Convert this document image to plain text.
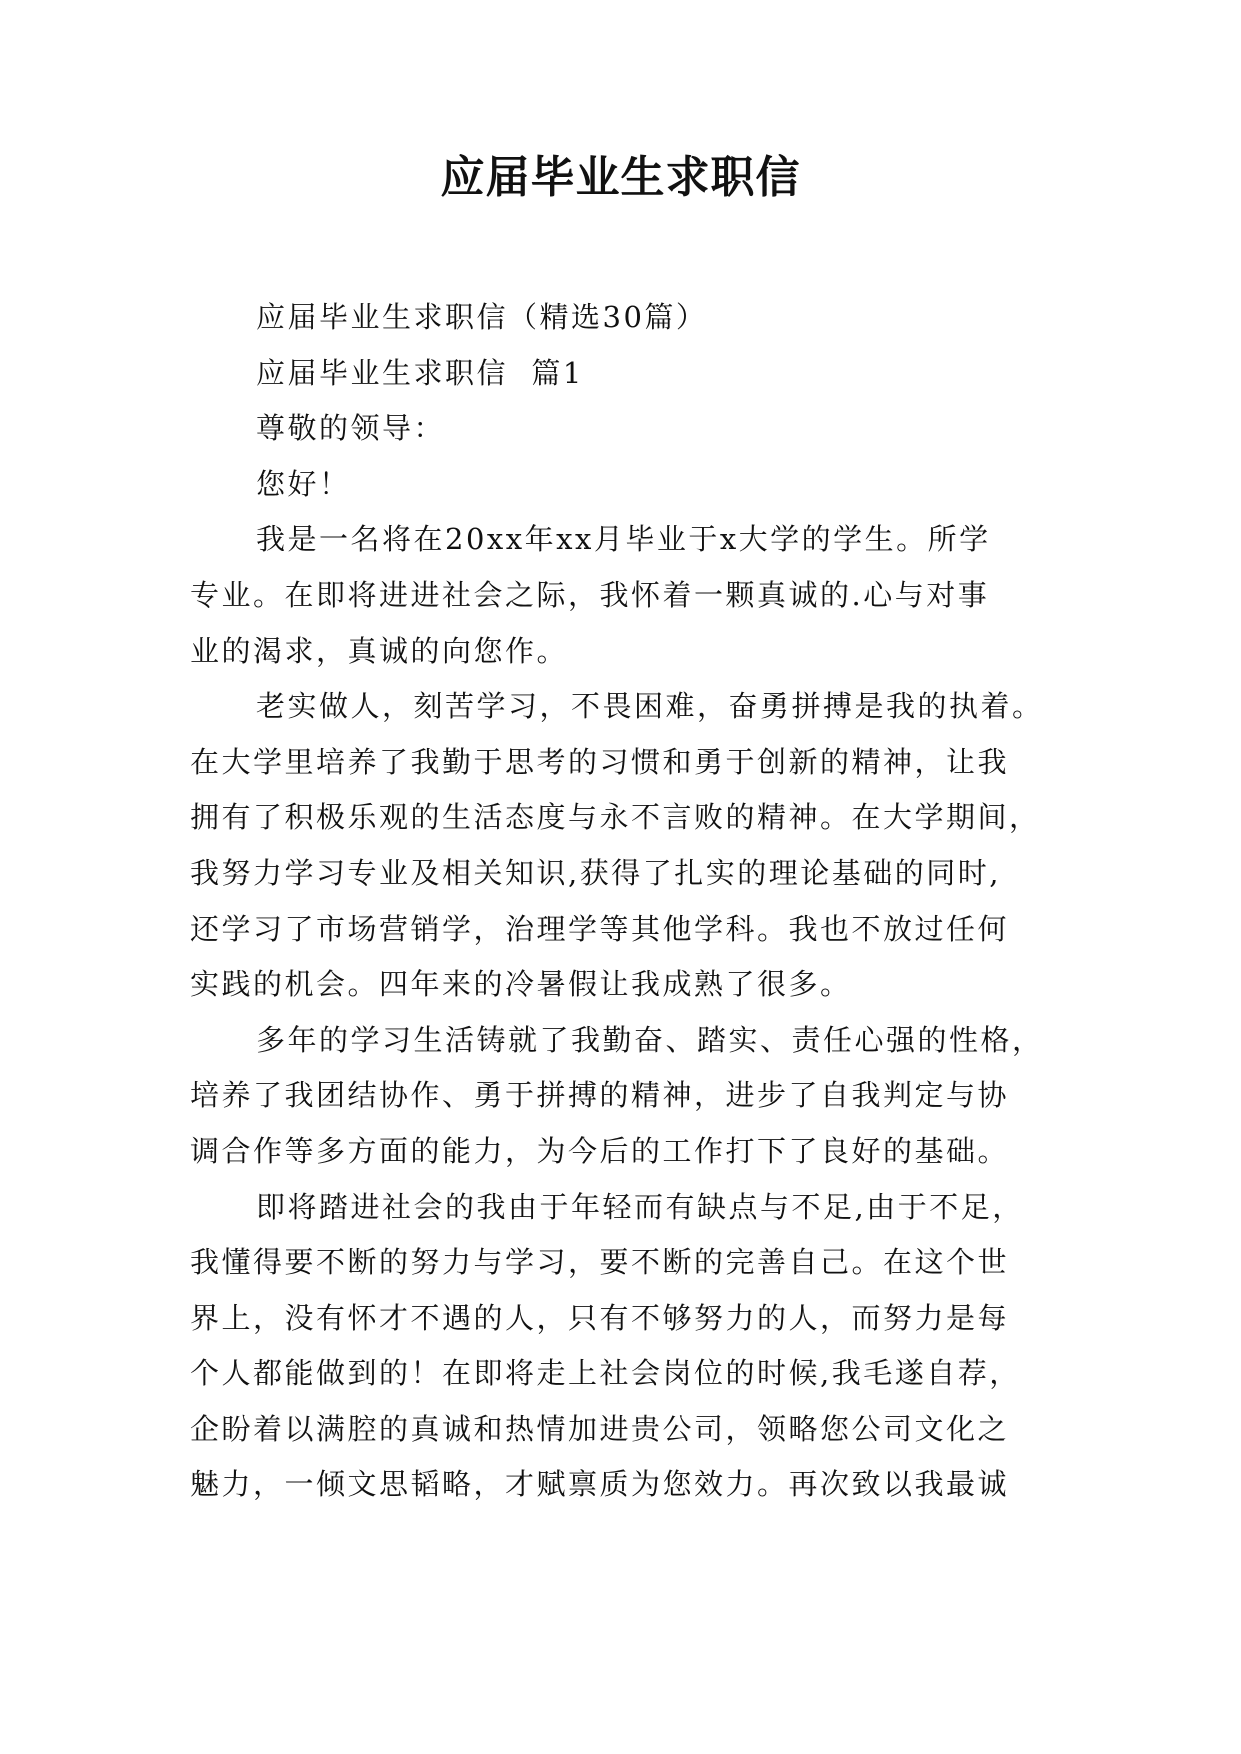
应届毕业生求职信

应届毕业生求职信（精选30篇）

应届毕业生求职信  篇1

尊敬的领导：

您好！

我是一名将在20xx年xx月毕业于x大学的学生。所学

专业。在即将进进社会之际，我怀着一颗真诚的.心与对事

业的渴求，真诚的向您作。

老实做人，刻苦学习，不畏困难，奋勇拼搏是我的执着。

在大学里培养了我勤于思考的习惯和勇于创新的精神，让我

拥有了积极乐观的生活态度与永不言败的精神。在大学期间，

我努力学习专业及相关知识,获得了扎实的理论基础的同时,

还学习了市场营销学，治理学等其他学科。我也不放过任何

实践的机会。四年来的冷暑假让我成熟了很多。

多年的学习生活铸就了我勤奋、踏实、责任心强的性格，

培养了我团结协作、勇于拼搏的精神，进步了自我判定与协

调合作等多方面的能力，为今后的工作打下了良好的基础。

即将踏进社会的我由于年轻而有缺点与不足,由于不足，

我懂得要不断的努力与学习，要不断的完善自己。在这个世

界上，没有怀才不遇的人，只有不够努力的人，而努力是每

个人都能做到的！在即将走上社会岗位的时候,我毛遂自荐，

企盼着以满腔的真诚和热情加进贵公司，领略您公司文化之

魅力，一倾文思韬略，才赋禀质为您效力。再次致以我最诚
